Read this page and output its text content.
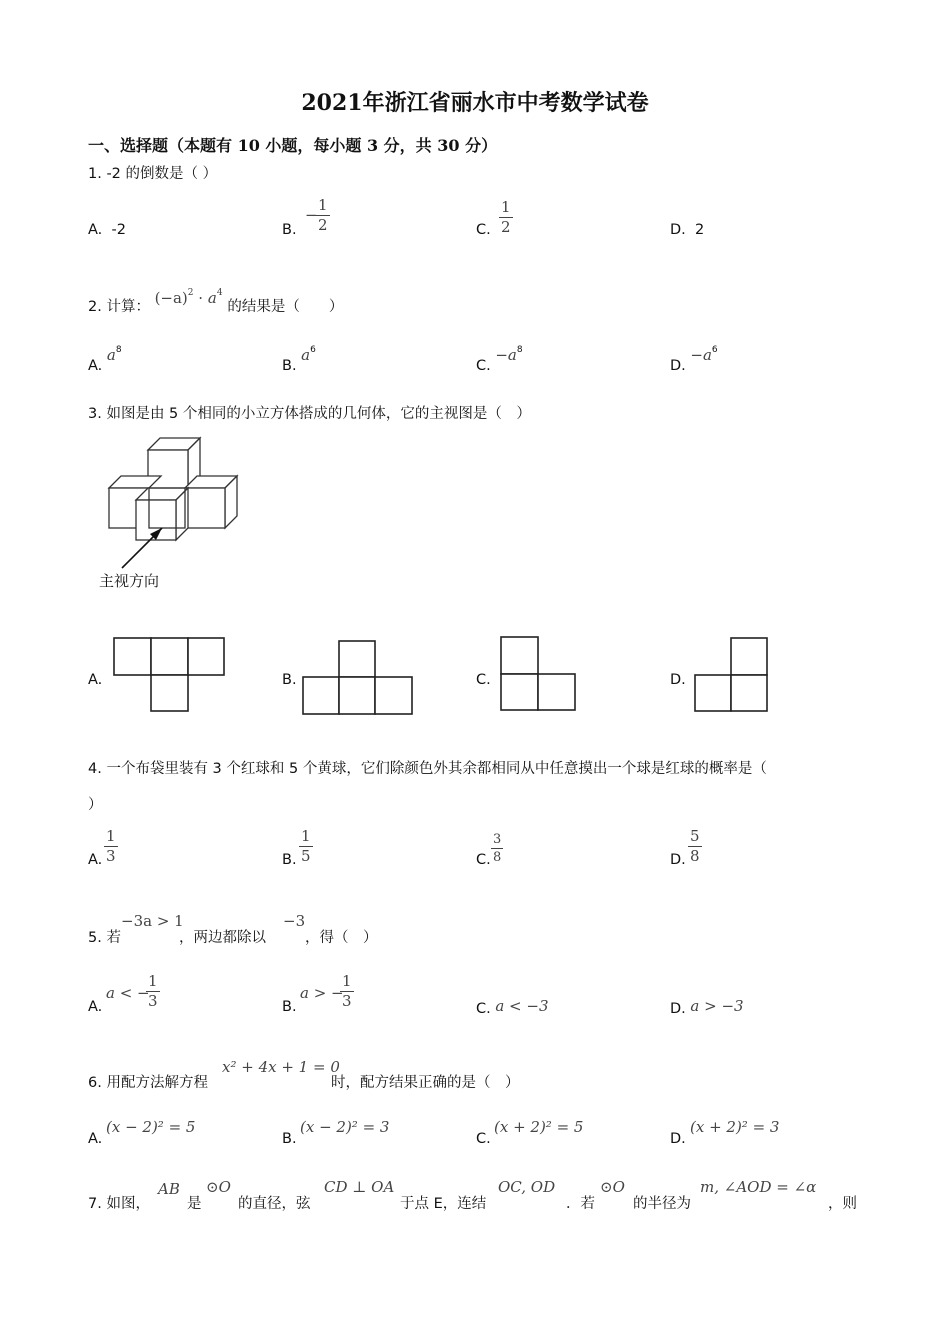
2021年浙江省丽水市中考数学试卷
一、选择题（本题有 10 小题，每小题 3 分，共 30 分）
1. -2 的倒数是（ ）
A. -2	B.
−
1
2	C.
1
2	D. 2
2. 计算： $(-a)^2 \cdot a^4$ 的结果是（　　）
A. $a^8$
B. $a^6$
C. $-a^8$
D. $-a^6$
3. 如图是由 5 个相同的小立方体搭成的几何体，它的主视图是（　）
主视方向
A.	B.	C.	D.
4. 一个布袋里装有 3 个红球和 5 个黄球，它们除颜色外其余都相同从中任意摸出一个球是红球的概率是（
）
A.
1
3	B.
1
5	C.
3
8	D.
5
8
5. 若
−3a > 1
，两边都除以
−3
，得（　）
A.
a < −
1
3	B.
a > −
1
3	C. a < −3	D. a > −3
6. 用配方法解方程
x² + 4x + 1 = 0
时，配方结果正确的是（　）
A.
(x − 2)² = 5
B.
(x − 2)² = 3
C.
(x + 2)² = 5
D.
(x + 2)² = 3
7. 如图，
AB
是
⊙O
的直径，弦
CD ⊥ OA
于点 E，连结
OC, OD
．若
⊙O
的半径为
m, ∠AOD = ∠α
，则
